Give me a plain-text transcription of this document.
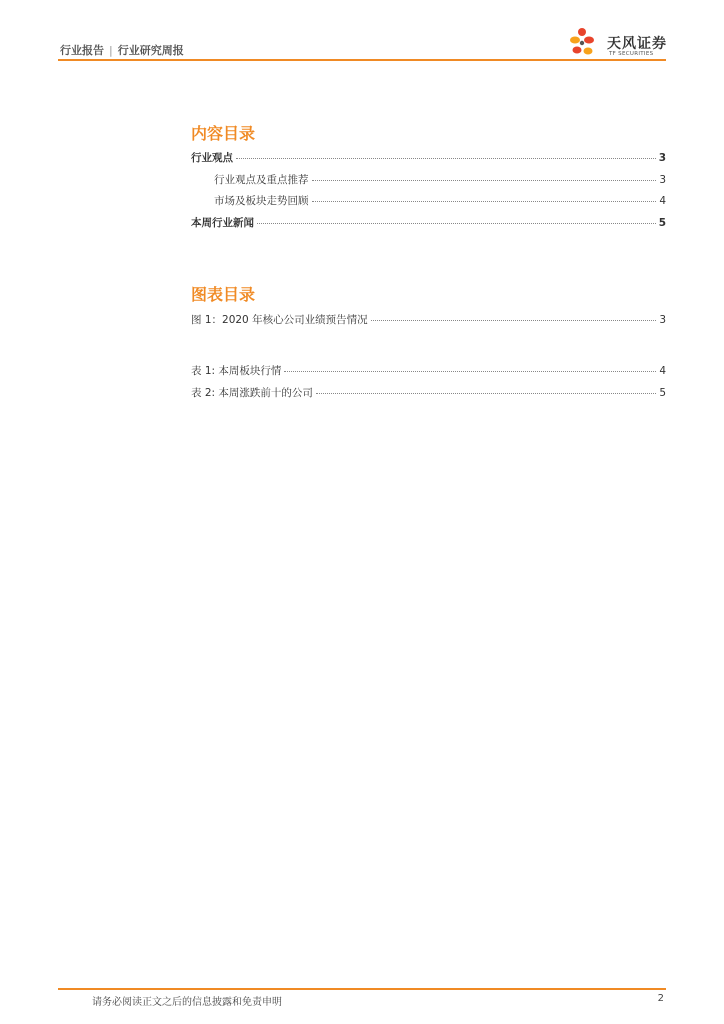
行业报告 | 行业研究周报	天风证券
TF SECURITIES
内容目录
行业观点	3
行业观点及重点推荐	3
市场及板块走势回顾	4
本周行业新闻	5
图表目录
图 1：2020 年核心公司业绩预告情况	3
表 1: 本周板块行情	4
表 2: 本周涨跌前十的公司	5
请务必阅读正文之后的信息披露和免责申明	2
